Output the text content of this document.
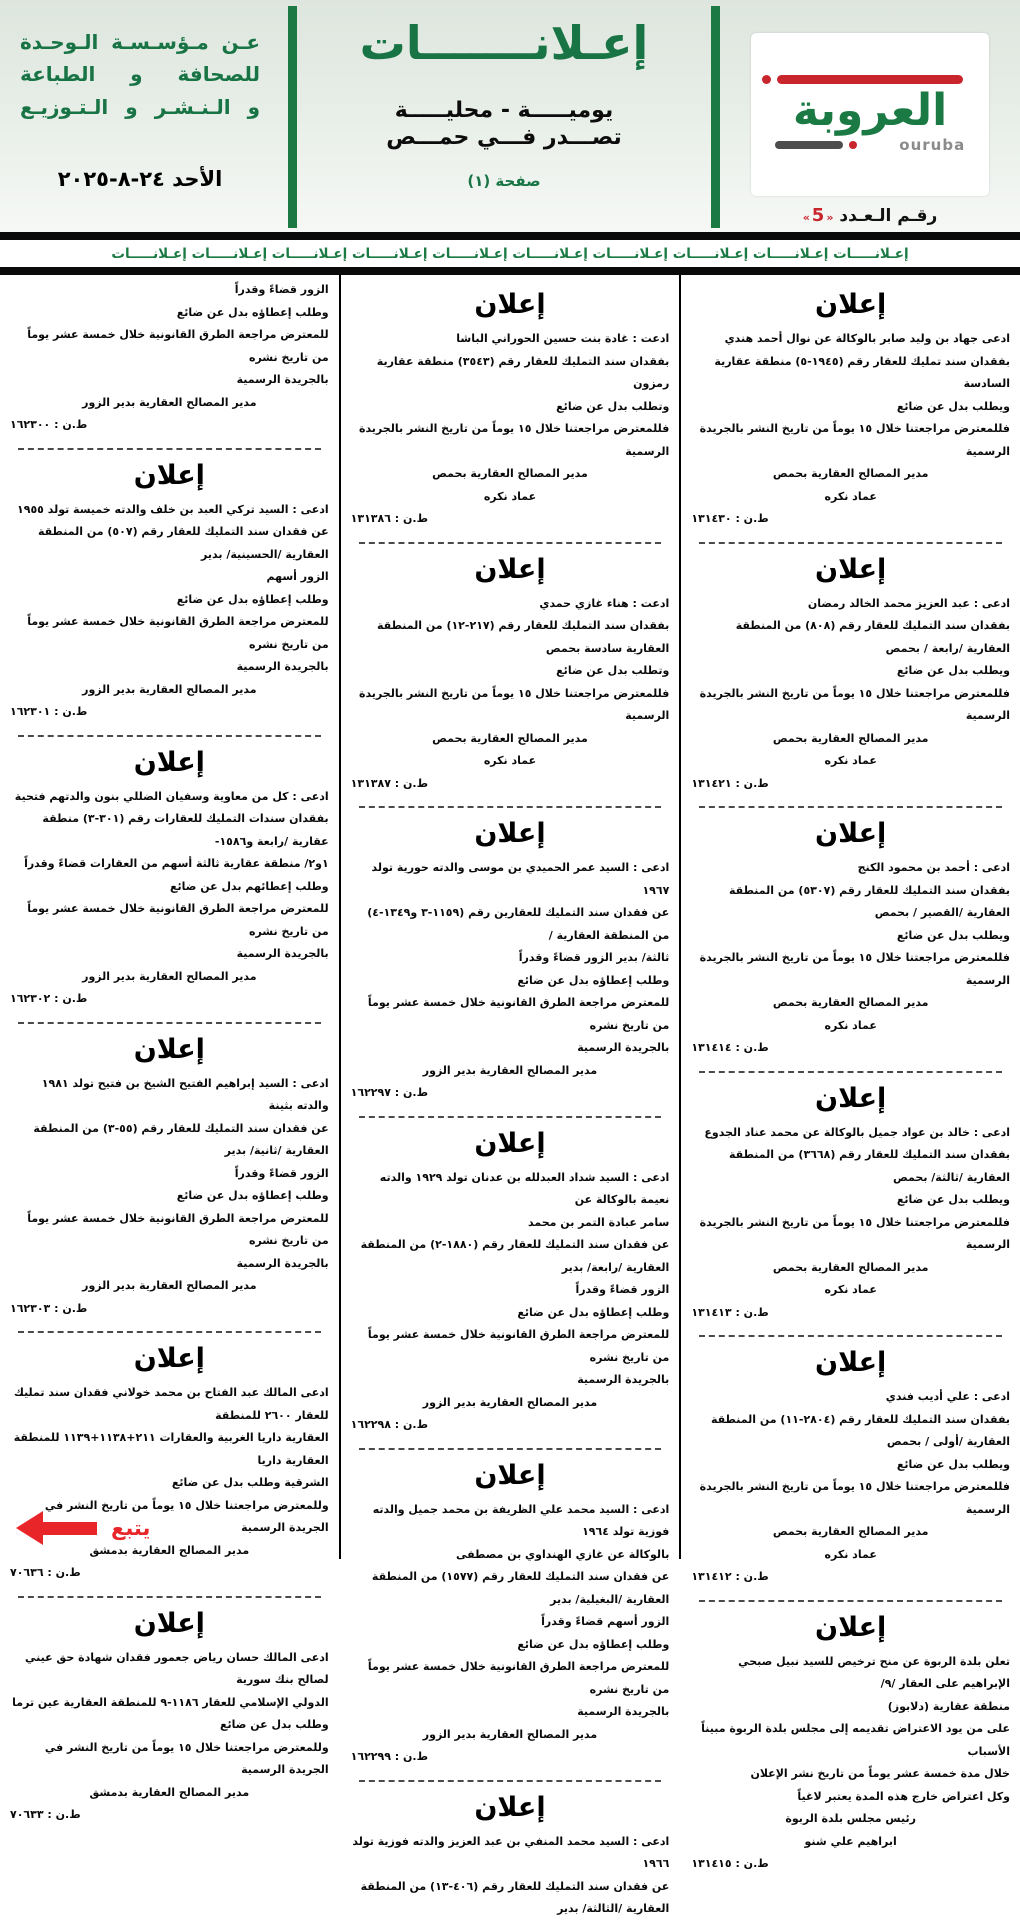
العروبة
ouruba
رقـم الـعـدد «5»
إعـلانـــــــات
يوميـــــة - محليـــــة
تصـــدر فـــي حمـــص
صفحة (١)
عـن مـؤسـسـة الـوحـدة
للصحافة و الطباعة
و الـنـشـر و الـتـوزيـع
الأحد ٢٤-٨-٢٠٢٥
إعـلانـــــات إعـلانـــــات إعـلانـــــات إعـلانـــــات إعـلانـــــات إعـلانـــــات إعـلانـــــات إعـلانـــــات إعـلانـــــات إعـلانـــــات
إعلان
ادعى جهاد بن وليد صابر بالوكالة عن نوال أحمد هندي
بفقدان سند تمليك للعقار رقم (١٩٤٥-٥) منطقة عقارية السادسة
ويطلب بدل عن ضائع
فللمعترض مراجعتنا خلال ١٥ يوماً من تاريخ النشر بالجريدة الرسمية
مدير المصالح العقارية بحمص
عماد نكره
ط.ن : ١٣١٤٣٠
إعلان
ادعى : عبد العزيز محمد الخالد رمضان
بفقدان سند التمليك للعقار رقم (٨٠٨) من المنطقة العقارية /رابعة / بحمص
ويطلب بدل عن ضائع
فللمعترض مراجعتنا خلال ١٥ يوماً من تاريخ النشر بالجريدة الرسمية
مدير المصالح العقارية بحمص
عماد نكره
ط.ن : ١٣١٤٢١
إعلان
ادعى : أحمد بن محمود الكنج
بفقدان سند التمليك للعقار رقم (٥٣٠٧) من المنطقة العقارية /القصير / بحمص
ويطلب بدل عن ضائع
فللمعترض مراجعتنا خلال ١٥ يوماً من تاريخ النشر بالجريدة الرسمية
مدير المصالح العقارية بحمص
عماد نكره
ط.ن : ١٣١٤١٤
إعلان
ادعى : خالد بن عواد جميل بالوكالة عن محمد عناد الجدوع
بفقدان سند التمليك للعقار رقم (٣٦٦٨) من المنطقة العقارية /ثالثة/ بحمص
ويطلب بدل عن ضائع
فللمعترض مراجعتنا خلال ١٥ يوماً من تاريخ النشر بالجريدة الرسمية
مدير المصالح العقارية بحمص
عماد نكره
ط.ن : ١٣١٤١٣
إعلان
ادعى : علي أديب فندي
بفقدان سند التمليك للعقار رقم (٢٨٠٤-١١) من المنطقة العقارية /أولى / بحمص
ويطلب بدل عن ضائع
فللمعترض مراجعتنا خلال ١٥ يوماً من تاريخ النشر بالجريدة الرسمية
مدير المصالح العقارية بحمص
عماد نكره
ط.ن : ١٣١٤١٢
إعلان
تعلن بلدة الربوة عن منح ترخيص للسيد نبيل صبحي الإبراهيم على العقار /٩/
منطقة عقارية (دلابوز)
على من يود الاعتراض تقديمه إلى مجلس بلدة الربوة مبيناً الأسباب
خلال مدة خمسة عشر يوماً من تاريخ نشر الإعلان
وكل اعتراض خارج هذه المدة يعتبر لاغياً
رئيس مجلس بلدة الربوة
ابراهيم علي شنو
ط.ن : ١٣١٤١٥
إعلان
ادعت : غادة بنت حسين الحوراني الباشا
بفقدان سند التمليك للعقار رقم (٣٥٤٣) منطقة عقارية رمزون
وتطلب بدل عن ضائع
فللمعترض مراجعتنا خلال ١٥ يوماً من تاريخ النشر بالجريدة الرسمية
مدير المصالح العقارية بحمص
عماد نكره
ط.ن : ١٣١٣٨٦
إعلان
ادعت : هناء غازي حمدي
بفقدان سند التمليك للعقار رقم (٢١٧-١٢) من المنطقة العقارية سادسة بحمص
وتطلب بدل عن ضائع
فللمعترض مراجعتنا خلال ١٥ يوماً من تاريخ النشر بالجريدة الرسمية
مدير المصالح العقارية بحمص
عماد نكره
ط.ن : ١٣١٣٨٧
إعلان
ادعى : السيد عمر الحميدي بن موسى والدته حورية تولد ١٩٦٧
عن فقدان سند التمليك للعقارين رقم (١١٥٩-٣ و١٣٤٩-٤) من المنطقة العقارية /
ثالثة/ بدير الزور قضاءً وقدراً
وطلب إعطاؤه بدل عن ضائع
للمعترض مراجعة الطرق القانونية خلال خمسة عشر يوماً من تاريخ نشره
بالجريدة الرسمية
مدير المصالح العقارية بدير الزور
ط.ن : ١٦٢٢٩٧
إعلان
ادعى : السيد شداد العبدلله بن عدنان تولد ١٩٢٩ والدته نعيمة بالوكالة عن
سامر عبادة التمر بن محمد
عن فقدان سند التمليك للعقار رقم (١٨٨٠-٢) من المنطقة العقارية /رابعة/ بدير
الزور قضاءً وقدراً
وطلب إعطاؤه بدل عن ضائع
للمعترض مراجعة الطرق القانونية خلال خمسة عشر يوماً من تاريخ نشره
بالجريدة الرسمية
مدير المصالح العقارية بدير الزور
ط.ن : ١٦٢٢٩٨
إعلان
ادعى : السيد محمد علي الظريفة بن محمد جميل والدته فوزية تولد ١٩٦٤
بالوكالة عن غازي الهنداوي بن مصطفى
عن فقدان سند التمليك للعقار رقم (١٥٧٧) من المنطقة العقارية /البغيلية/ بدير
الزور أسهم قضاءً وقدراً
وطلب إعطاؤه بدل عن ضائع
للمعترض مراجعة الطرق القانونية خلال خمسة عشر يوماً من تاريخ نشره
بالجريدة الرسمية
مدير المصالح العقارية بدير الزور
ط.ن : ١٦٢٢٩٩
إعلان
ادعى : السيد محمد المنفي بن عبد العزيز والدته فوزية تولد ١٩٦٦
عن فقدان سند التمليك للعقار رقم (٤٠٦-١٣) من المنطقة العقارية /الثالثة/ بدير
الزور قضاءً وقدراً
وطلب إعطاؤه بدل عن ضائع
للمعترض مراجعة الطرق القانونية خلال خمسة عشر يوماً من تاريخ نشره
بالجريدة الرسمية
مدير المصالح العقارية بدير الزور
ط.ن : ١٦٢٣٠٠
إعلان
ادعى : السيد تركي العبد بن خلف والدته خميسة تولد ١٩٥٥
عن فقدان سند التمليك للعقار رقم (٥٠٧) من المنطقة العقارية /الحسينية/ بدير
الزور أسهم
وطلب إعطاؤه بدل عن ضائع
للمعترض مراجعة الطرق القانونية خلال خمسة عشر يوماً من تاريخ نشره
بالجريدة الرسمية
مدير المصالح العقارية بدير الزور
ط.ن : ١٦٢٣٠١
إعلان
ادعى : كل من معاوية وسفيان الضللي بنون والدتهم فتحية
بفقدان سندات التمليك للعقارات رقم (٣٠١-٣) منطقة عقارية /رابعة و١٥٨٦-
١و٢/ منطقة عقارية ثالثة أسهم من العقارات قضاءً وقدراً
وطلب إعطائهم بدل عن ضائع
للمعترض مراجعة الطرق القانونية خلال خمسة عشر يوماً من تاريخ نشره
بالجريدة الرسمية
مدير المصالح العقارية بدير الزور
ط.ن : ١٦٢٣٠٢
إعلان
ادعى : السيد إبراهيم الفتيح الشيخ بن فتيح تولد ١٩٨١ والدته بثينة
عن فقدان سند التمليك للعقار رقم (٥٥-٣) من المنطقة العقارية /ثانية/ بدير
الزور قضاءً وقدراً
وطلب إعطاؤه بدل عن ضائع
للمعترض مراجعة الطرق القانونية خلال خمسة عشر يوماً من تاريخ نشره
بالجريدة الرسمية
مدير المصالح العقارية بدير الزور
ط.ن : ١٦٢٣٠٣
إعلان
ادعى المالك عبد الفتاح بن محمد خولاني فقدان سند تمليك للعقار ٢٦٠٠ للمنطقة
العقارية داريا الغربية والعقارات ٢١١+١١٣٨+١١٣٩ للمنطقة العقارية داريا
الشرقية وطلب بدل عن ضائع
وللمعترض مراجعتنا خلال ١٥ يوماً من تاريخ النشر في الجريدة الرسمية
مدير المصالح العقارية بدمشق
ط.ن : ٧٠٦٣٦
إعلان
ادعى المالك حسان رياض جعمور فقدان شهادة حق عيني لصالح بنك سورية
الدولي الإسلامي للعقار ١١٨٦-٩ للمنطقة العقارية عين ترما
وطلب بدل عن ضائع
وللمعترض مراجعتنا خلال ١٥ يوماً من تاريخ النشر في الجريدة الرسمية
مدير المصالح العقارية بدمشق
ط.ن : ٧٠٦٣٣
يتبع
